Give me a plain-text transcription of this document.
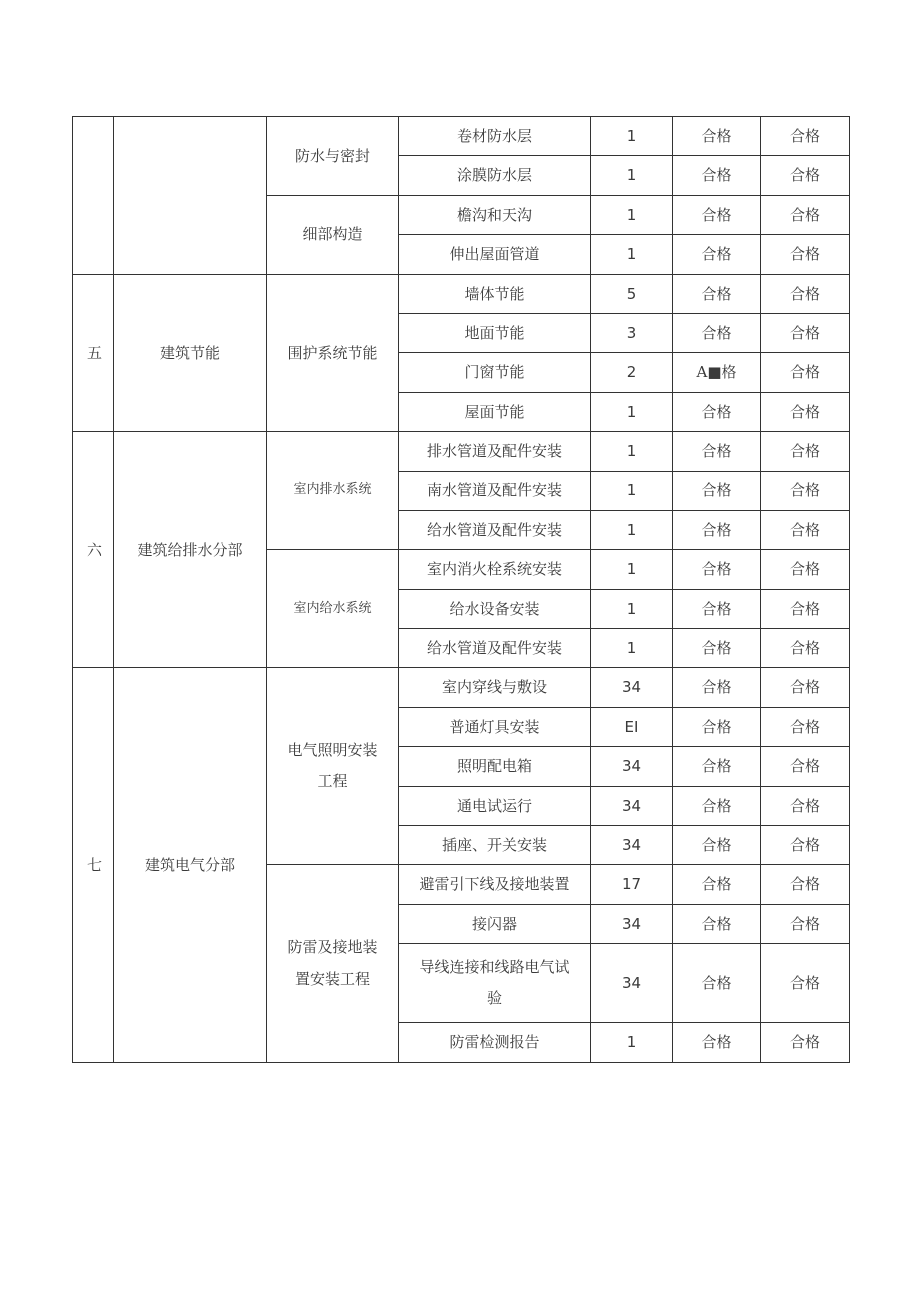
		防水与密封	卷材防水层	1	合格	合格
			涂膜防水层	1	合格	合格
		细部构造	檐沟和天沟	1	合格	合格
			伸出屋面管道	1	合格	合格
五	建筑节能	围护系统节能	墙体节能	5	合格	合格
			地面节能	3	合格	合格
			门窗节能	2	A■格	合格
			屋面节能	1	合格	合格
六	建筑给排水分部	室内排水系统	排水管道及配件安装	1	合格	合格
			南水管道及配件安装	1	合格	合格
			给水管道及配件安装	1	合格	合格
		室内给水系统	室内消火栓系统安装	1	合格	合格
			给水设备安装	1	合格	合格
			给水管道及配件安装	1	合格	合格
七	建筑电气分部	电气照明安装工程	室内穿线与敷设	34	合格	合格
			普通灯具安装	EI	合格	合格
			照明配电箱	34	合格	合格
			通电试运行	34	合格	合格
			插座、开关安装	34	合格	合格
		防雷及接地装置安装工程	避雷引下线及接地装置	17	合格	合格
			接闪器	34	合格	合格
			导线连接和线路电气试验	34	合格	合格
			防雷检测报告	1	合格	合格
